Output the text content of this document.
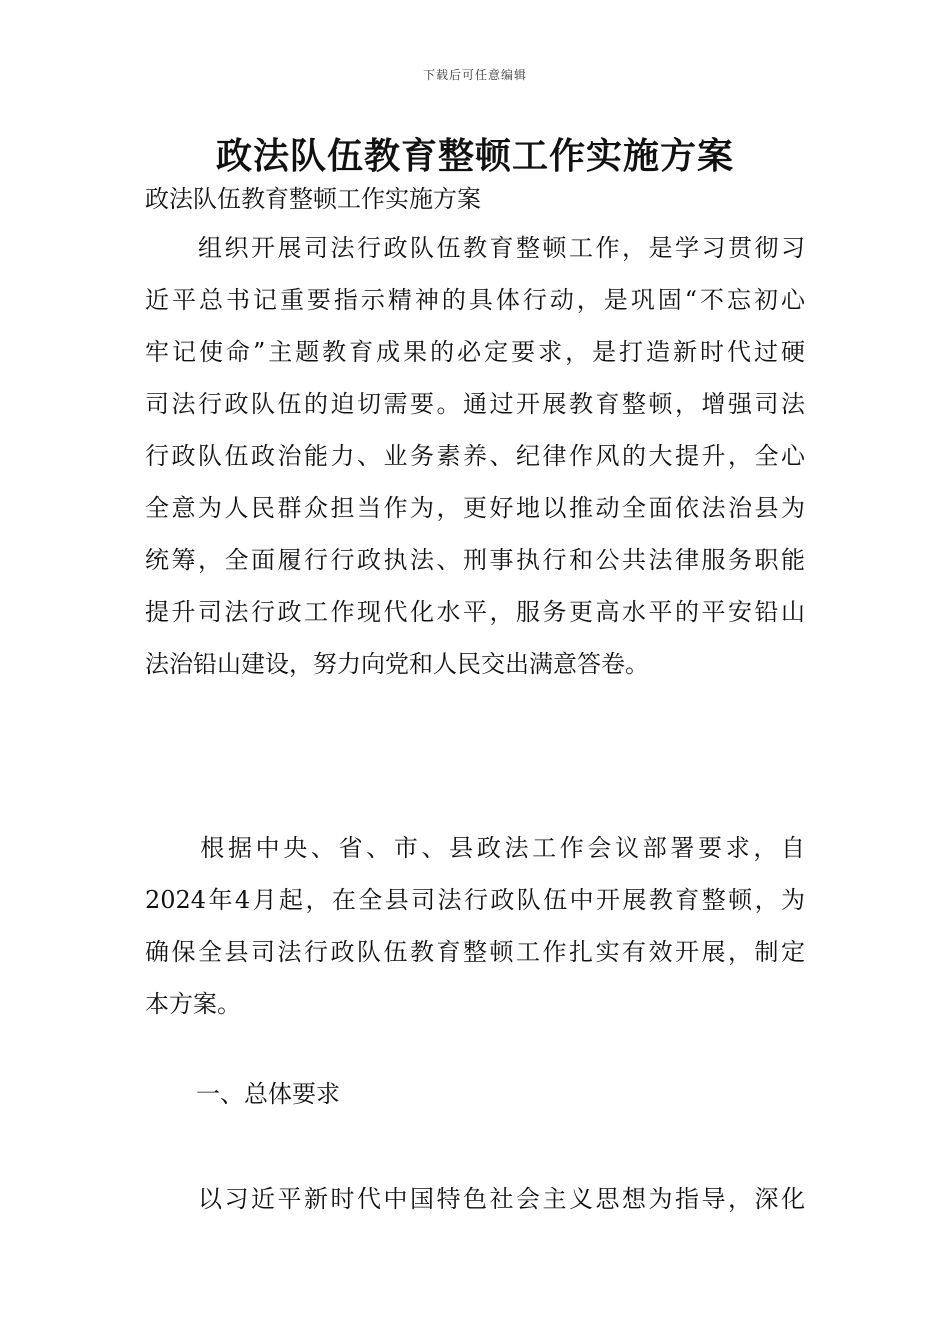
下载后可任意编辑
政法队伍教育整顿工作实施方案
政法队伍教育整顿工作实施方案
　　组织开展司法行政队伍教育整顿工作，是学习贯彻习
近平总书记重要指示精神的具体行动，是巩固“不忘初心
牢记使命”主题教育成果的必定要求，是打造新时代过硬
司法行政队伍的迫切需要。通过开展教育整顿，增强司法
行政队伍政治能力、业务素养、纪律作风的大提升，全心
全意为人民群众担当作为，更好地以推动全面依法治县为
统筹，全面履行行政执法、刑事执行和公共法律服务职能
提升司法行政工作现代化水平，服务更高水平的平安铅山
法治铅山建设，努力向党和人民交出满意答卷。
　　根据中央、省、市、县政法工作会议部署要求，自
2024年4月起，在全县司法行政队伍中开展教育整顿，为
确保全县司法行政队伍教育整顿工作扎实有效开展，制定
本方案。
一、总体要求
　　以习近平新时代中国特色社会主义思想为指导，深化
